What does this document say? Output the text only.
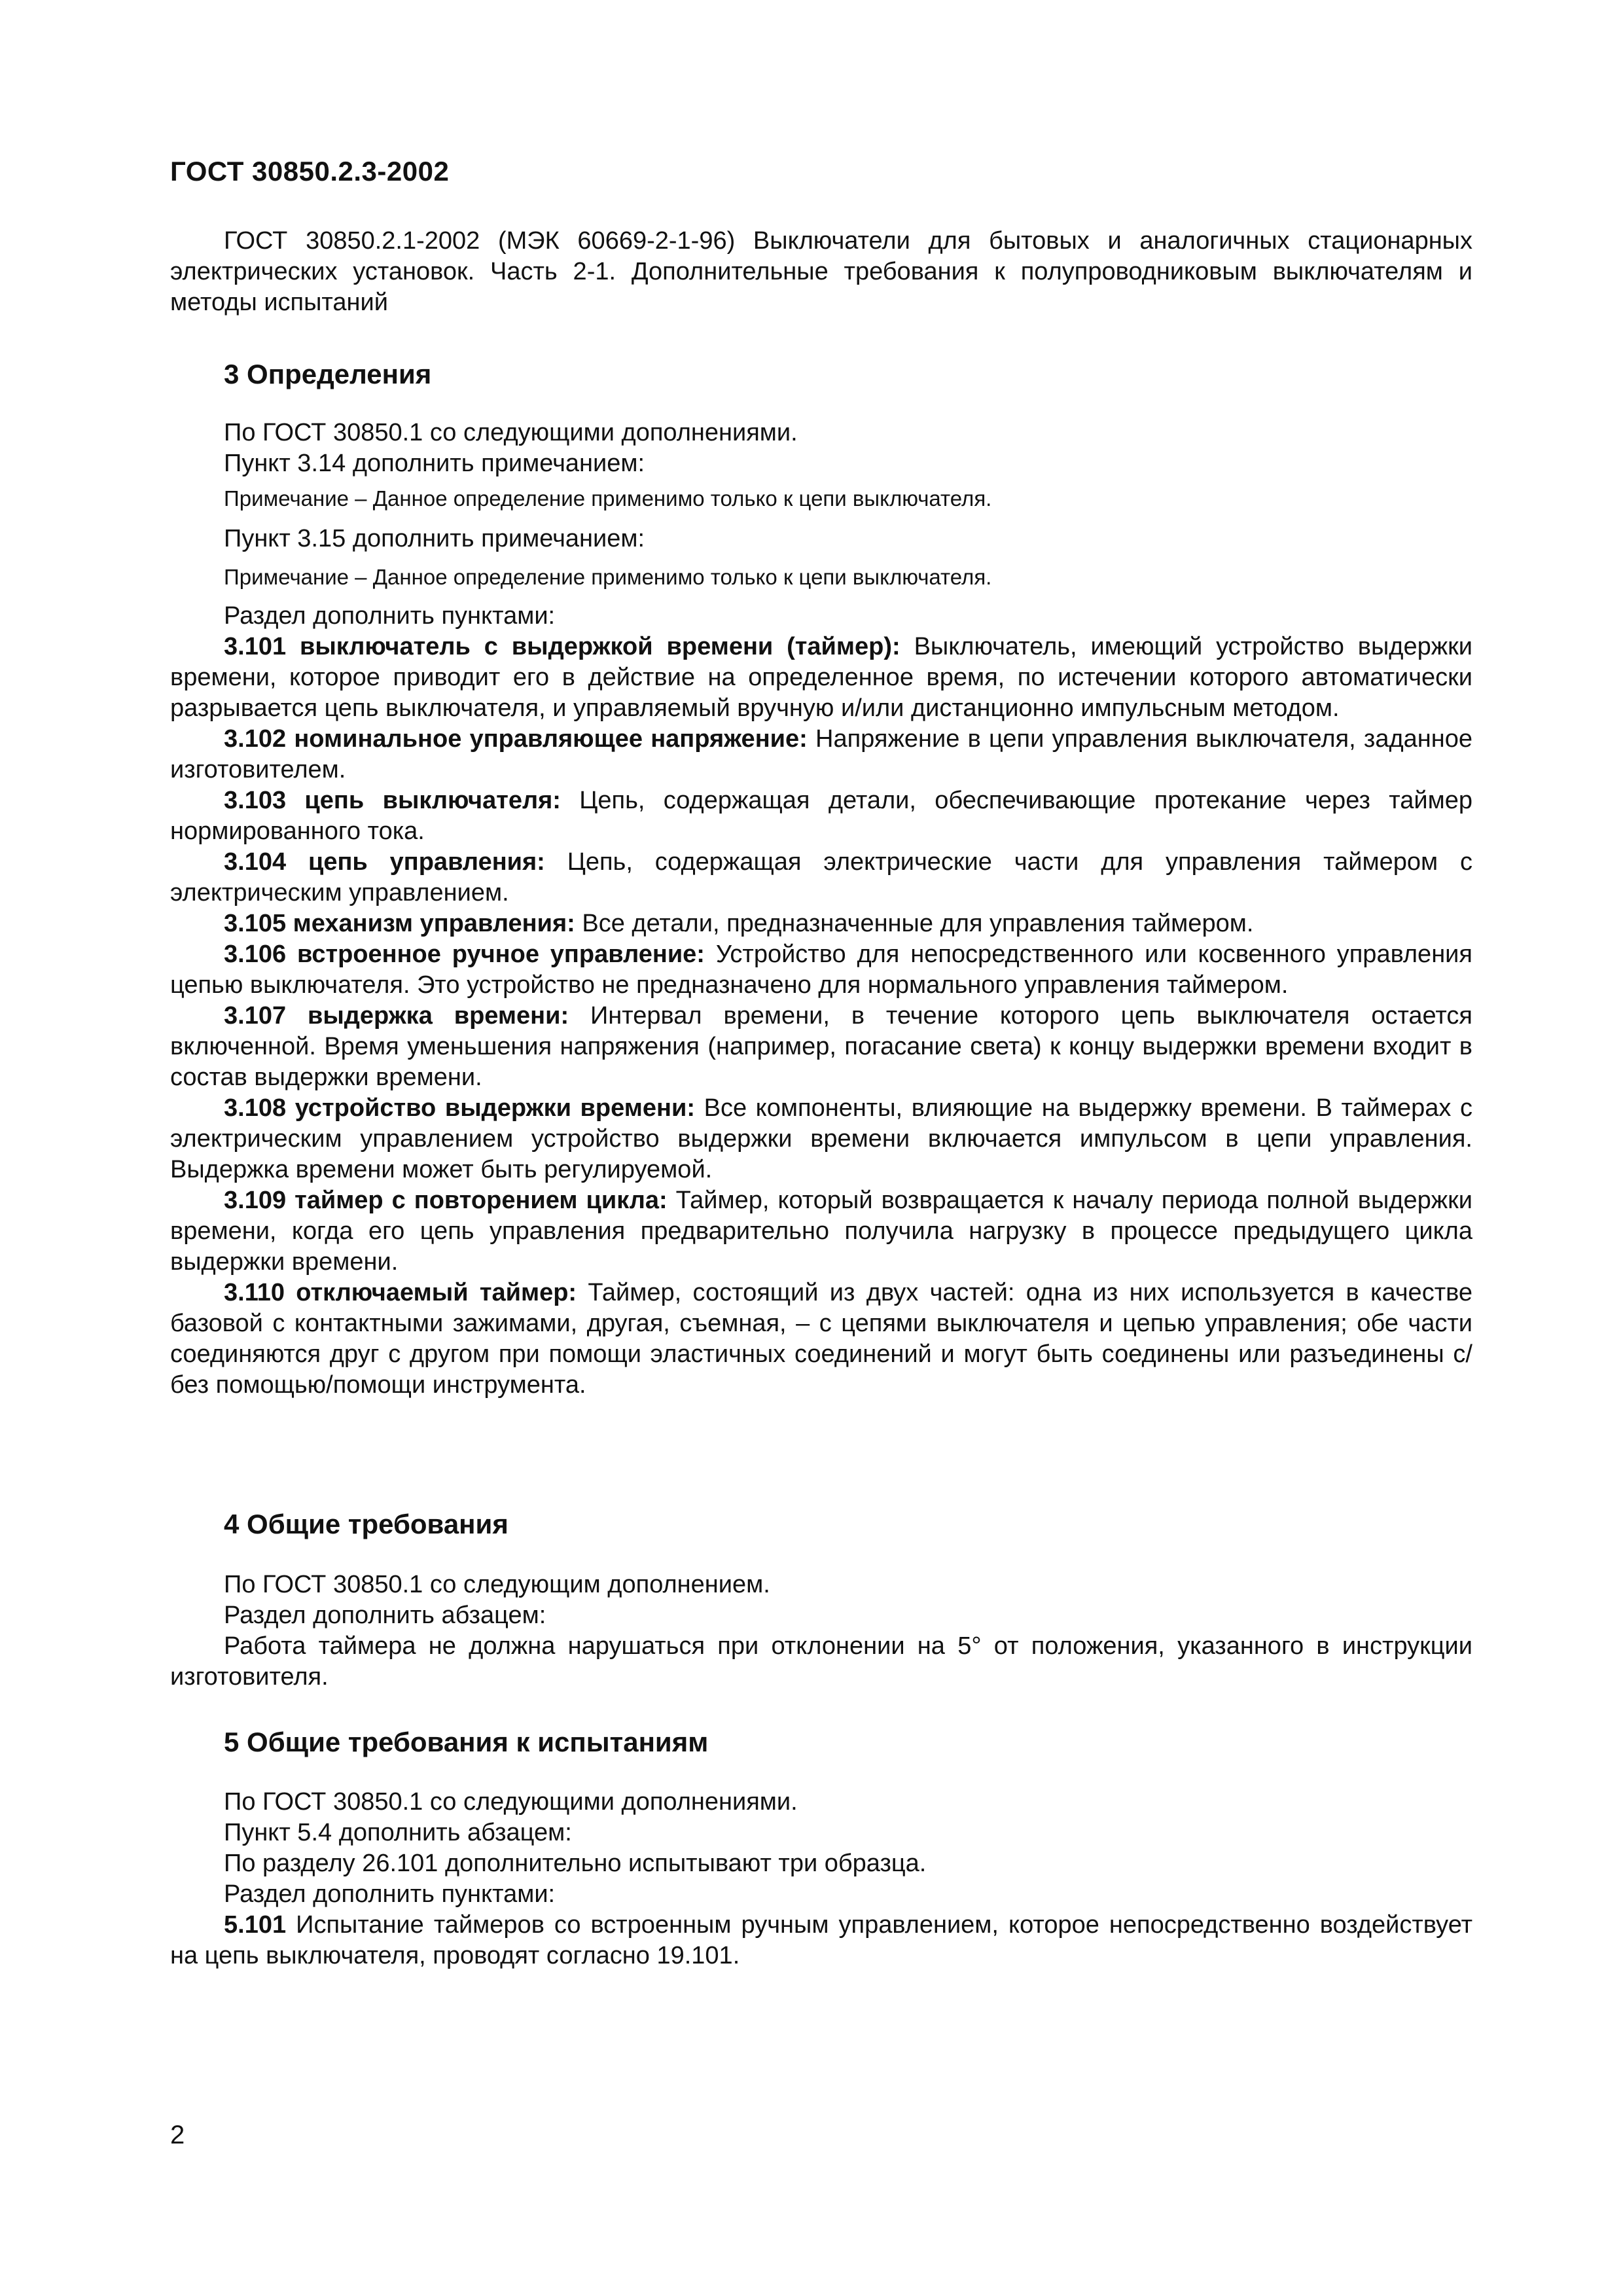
ГОСТ 30850.2.3-2002
ГОСТ 30850.2.1-2002 (МЭК 60669-2-1-96) Выключатели для бытовых и аналогичных стационарных электрических установок. Часть 2-1. Дополнительные требования к полупроводниковым выключателям и методы испытаний
3 Определения
По ГОСТ 30850.1 со следующими дополнениями.
Пункт 3.14 дополнить примечанием:
Примечание – Данное определение применимо только к цепи выключателя.
Пункт 3.15 дополнить примечанием:
Примечание – Данное определение применимо только к цепи выключателя.
Раздел дополнить пунктами:

3.101 выключатель с выдержкой времени (таймер): Выключатель, имеющий устройство выдержки времени, которое приводит его в действие на определенное время, по истечении которого автоматически разрывается цепь выключателя, и управляемый вручную и/или дистанционно импульсным методом.

3.102 номинальное управляющее напряжение: Напряжение в цепи управления выключателя, заданное изготовителем.

3.103 цепь выключателя: Цепь, содержащая детали, обеспечивающие протекание через таймер нормированного тока.

3.104 цепь управления: Цепь, содержащая электрические части для управления таймером с электрическим управлением.

3.105 механизм управления: Все детали, предназначенные для управления таймером.

3.106 встроенное ручное управление: Устройство для непосредственного или косвенного управления цепью выключателя. Это устройство не предназначено для нормального управления таймером.

3.107 выдержка времени: Интервал времени, в течение которого цепь выключателя остается включенной. Время уменьшения напряжения (например, погасание света) к концу выдержки времени входит в состав выдержки времени.

3.108 устройство выдержки времени: Все компоненты, влияющие на выдержку времени. В таймерах с электрическим управлением устройство выдержки времени включается импульсом в цепи управления. Выдержка времени может быть регулируемой.

3.109 таймер с повторением цикла: Таймер, который возвращается к началу периода полной выдержки времени, когда его цепь управления предварительно получила нагрузку в процессе предыдущего цикла выдержки времени.

3.110 отключаемый таймер: Таймер, состоящий из двух частей: одна из них используется в качестве базовой с контактными зажимами, другая, съемная, – с цепями выключателя и цепью управления; обе части соединяются друг с другом при помощи эластичных соединений и могут быть соединены или разъединены с/без помощью/помощи инструмента.

4 Общие требования
По ГОСТ 30850.1 со следующим дополнением.
Раздел дополнить абзацем:
Работа таймера не должна нарушаться при отклонении на 5° от положения, указанного в инструкции изготовителя.
5 Общие требования к испытаниям
По ГОСТ 30850.1 со следующими дополнениями.
Пункт 5.4 дополнить абзацем:
По разделу 26.101 дополнительно испытывают три образца.
Раздел дополнить пунктами:
5.101 Испытание таймеров со встроенным ручным управлением, которое непосредственно воздействует на цепь выключателя, проводят согласно 19.101.
2
